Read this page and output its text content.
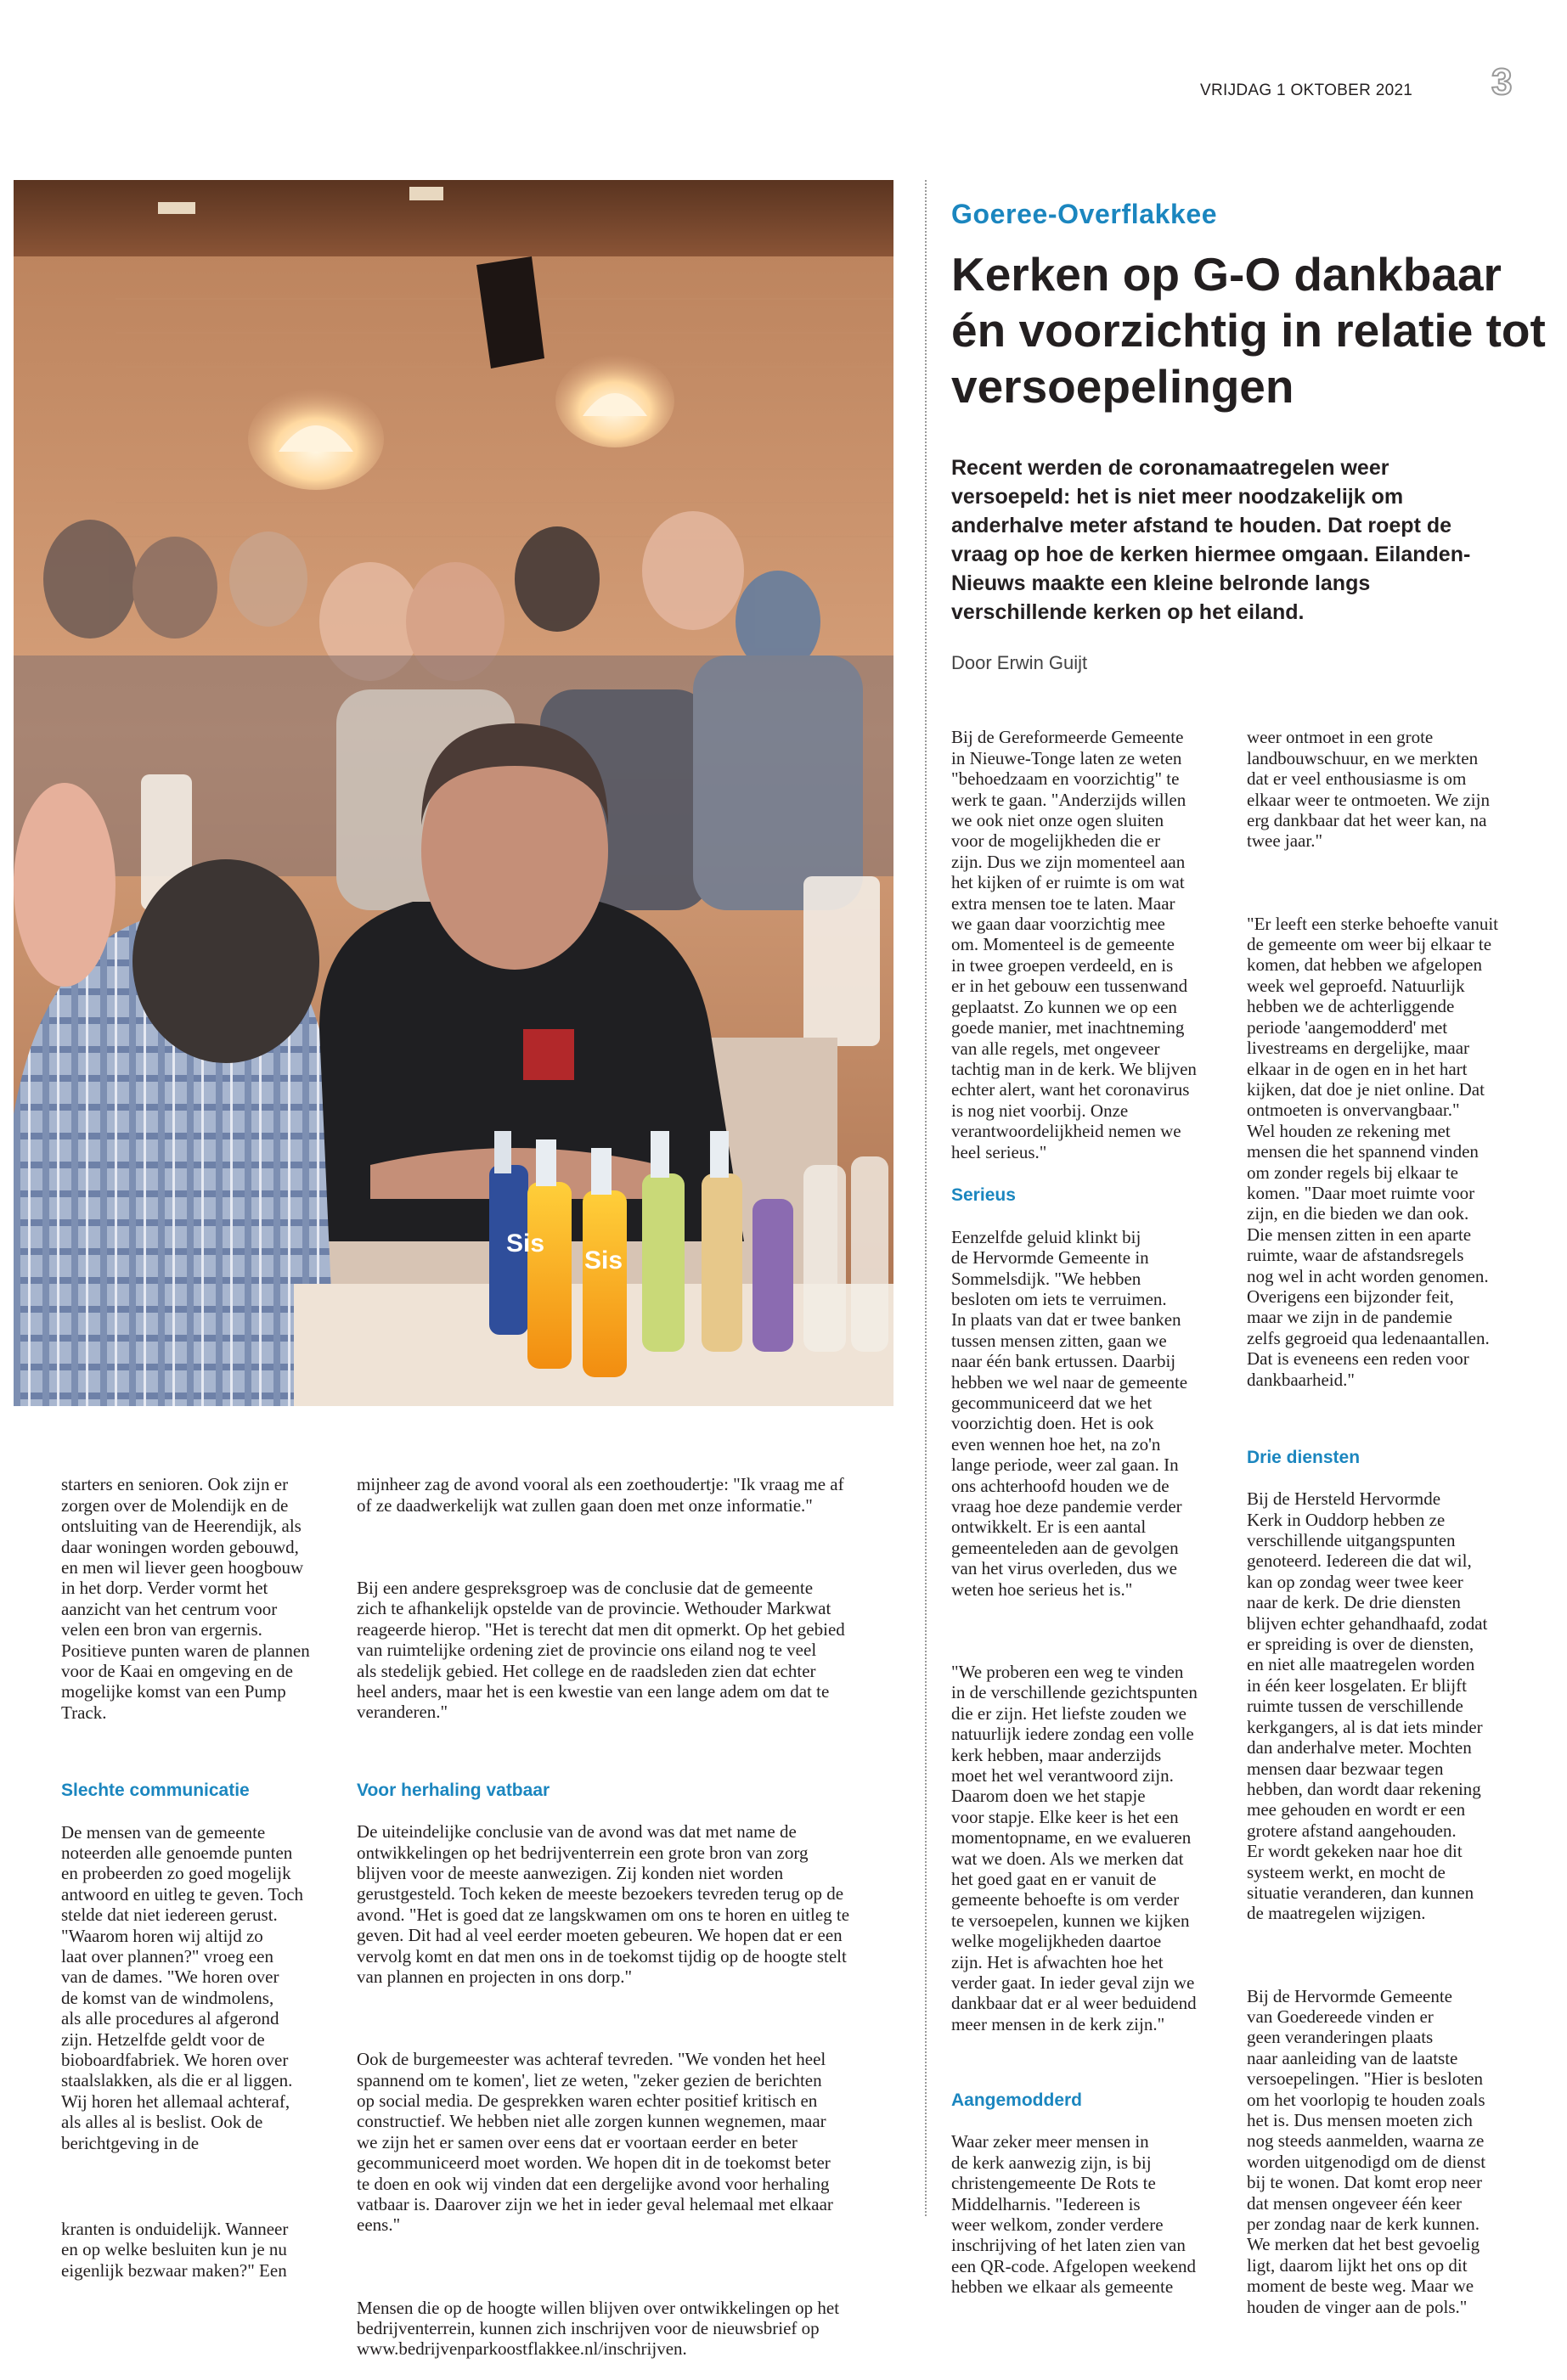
VRIJDAG 1 OKTOBER 2021 3
Sis
Sis
Goeree-Overflakkee
Kerken op G-O dankbaar én voorzichtig in relatie tot versoepelingen
Recent werden de coronamaatregelen weer versoepeld: het is niet meer noodzakelijk om anderhalve meter afstand te houden. Dat roept de vraag op hoe de kerken hiermee omgaan. Eilanden-Nieuws maakte een kleine belronde langs verschillende kerken op het eiland.
Door Erwin Guijt

Bij de Gereformeerde Gemeente
in Nieuwe-Tonge laten ze weten
"behoedzaam en voorzichtig" te
werk te gaan. "Anderzijds willen
we ook niet onze ogen sluiten
voor de mogelijkheden die er
zijn. Dus we zijn momenteel aan
het kijken of er ruimte is om wat
extra mensen toe te laten. Maar
we gaan daar voorzichtig mee
om. Momenteel is de gemeente
in twee groepen verdeeld, en is
er in het gebouw een tussenwand
geplaatst. Zo kunnen we op een
goede manier, met inachtneming
van alle regels, met ongeveer
tachtig man in de kerk. We blijven
echter alert, want het coronavirus
is nog niet voorbij. Onze
verantwoordelijkheid nemen we
heel serieus."

Serieus

Eenzelfde geluid klinkt bij
de Hervormde Gemeente in
Sommelsdijk. "We hebben
besloten om iets te verruimen.
In plaats van dat er twee banken
tussen mensen zitten, gaan we
naar één bank ertussen. Daarbij
hebben we wel naar de gemeente
gecommuniceerd dat we het
voorzichtig doen. Het is ook
even wennen hoe het, na zo'n
lange periode, weer zal gaan. In
ons achterhoofd houden we de
vraag hoe deze pandemie verder
ontwikkelt. Er is een aantal
gemeenteleden aan de gevolgen
van het virus overleden, dus we
weten hoe serieus het is."

"We proberen een weg te vinden
in de verschillende gezichtspunten
die er zijn. Het liefste zouden we
natuurlijk iedere zondag een volle
kerk hebben, maar anderzijds
moet het wel verantwoord zijn.
Daarom doen we het stapje
voor stapje. Elke keer is het een
momentopname, en we evalueren
wat we doen. Als we merken dat
het goed gaat en er vanuit de
gemeente behoefte is om verder
te versoepelen, kunnen we kijken
welke mogelijkheden daartoe
zijn. Het is afwachten hoe het
verder gaat. In ieder geval zijn we
dankbaar dat er al weer beduidend
meer mensen in de kerk zijn."

Aangemodderd

Waar zeker meer mensen in
de kerk aanwezig zijn, is bij
christengemeente De Rots te
Middelharnis. "Iedereen is
weer welkom, zonder verdere
inschrijving of het laten zien van
een QR-code. Afgelopen weekend
hebben we elkaar als gemeente

weer ontmoet in een grote
landbouwschuur, en we merkten
dat er veel enthousiasme is om
elkaar weer te ontmoeten. We zijn
erg dankbaar dat het weer kan, na
twee jaar."

"Er leeft een sterke behoefte vanuit
de gemeente om weer bij elkaar te
komen, dat hebben we afgelopen
week wel geproefd. Natuurlijk
hebben we de achterliggende
periode 'aangemodderd' met
livestreams en dergelijke, maar
elkaar in de ogen en in het hart
kijken, dat doe je niet online. Dat
ontmoeten is onvervangbaar."
Wel houden ze rekening met
mensen die het spannend vinden
om zonder regels bij elkaar te
komen. "Daar moet ruimte voor
zijn, en die bieden we dan ook.
Die mensen zitten in een aparte
ruimte, waar de afstandsregels
nog wel in acht worden genomen.
Overigens een bijzonder feit,
maar we zijn in de pandemie
zelfs gegroeid qua ledenaantallen.
Dat is eveneens een reden voor
dankbaarheid."

Drie diensten

Bij de Hersteld Hervormde
Kerk in Ouddorp hebben ze
verschillende uitgangspunten
genoteerd. Iedereen die dat wil,
kan op zondag weer twee keer
naar de kerk. De drie diensten
blijven echter gehandhaafd, zodat
er spreiding is over de diensten,
en niet alle maatregelen worden
in één keer losgelaten. Er blijft
ruimte tussen de verschillende
kerkgangers, al is dat iets minder
dan anderhalve meter. Mochten
mensen daar bezwaar tegen
hebben, dan wordt daar rekening
mee gehouden en wordt er een
grotere afstand aangehouden.
Er wordt gekeken naar hoe dit
systeem werkt, en mocht de
situatie veranderen, dan kunnen
de maatregelen wijzigen.

Bij de Hervormde Gemeente
van Goedereede vinden er
geen veranderingen plaats
naar aanleiding van de laatste
versoepelingen. "Hier is besloten
om het voorlopig te houden zoals
het is. Dus mensen moeten zich
nog steeds aanmelden, waarna ze
worden uitgenodigd om de dienst
bij te wonen. Dat komt erop neer
dat mensen ongeveer één keer
per zondag naar de kerk kunnen.
We merken dat het best gevoelig
ligt, daarom lijkt het ons op dit
moment de beste weg. Maar we
houden de vinger aan de pols."

starters en senioren. Ook zijn er
zorgen over de Molendijk en de
ontsluiting van de Heerendijk, als
daar woningen worden gebouwd,
en men wil liever geen hoogbouw
in het dorp. Verder vormt het
aanzicht van het centrum voor
velen een bron van ergernis.
Positieve punten waren de plannen
voor de Kaai en omgeving en de
mogelijke komst van een Pump
Track.

Slechte communicatie

De mensen van de gemeente
noteerden alle genoemde punten
en probeerden zo goed mogelijk
antwoord en uitleg te geven. Toch
stelde dat niet iedereen gerust.
"Waarom horen wij altijd zo
laat over plannen?" vroeg een
van de dames. "We horen over
de komst van de windmolens,
als alle procedures al afgerond
zijn. Hetzelfde geldt voor de
bioboardfabriek. We horen over
staalslakken, als die er al liggen.
Wij horen het allemaal achteraf,
als alles al is beslist. Ook de
berichtgeving in de

kranten is onduidelijk. Wanneer
en op welke besluiten kun je nu
eigenlijk bezwaar maken?" Een

mijnheer zag de avond vooral als een zoethoudertje: "Ik vraag me af
of ze daadwerkelijk wat zullen gaan doen met onze informatie."

Bij een andere gespreksgroep was de conclusie dat de gemeente
zich te afhankelijk opstelde van de provincie. Wethouder Markwat
reageerde hierop. "Het is terecht dat men dit opmerkt. Op het gebied
van ruimtelijke ordening ziet de provincie ons eiland nog te veel
als stedelijk gebied. Het college en de raadsleden zien dat echter
heel anders, maar het is een kwestie van een lange adem om dat te
veranderen."

Voor herhaling vatbaar

De uiteindelijke conclusie van de avond was dat met name de
ontwikkelingen op het bedrijventerrein een grote bron van zorg
blijven voor de meeste aanwezigen. Zij konden niet worden
gerustgesteld. Toch keken de meeste bezoekers tevreden terug op de
avond. "Het is goed dat ze langskwamen om ons te horen en uitleg te
geven. Dit had al veel eerder moeten gebeuren. We hopen dat er een
vervolg komt en dat men ons in de toekomst tijdig op de hoogte stelt
van plannen en projecten in ons dorp."

Ook de burgemeester was achteraf tevreden. "We vonden het heel
spannend om te komen', liet ze weten, "zeker gezien de berichten
op social media. De gesprekken waren echter positief kritisch en
constructief. We hebben niet alle zorgen kunnen wegnemen, maar
we zijn het er samen over eens dat er voortaan eerder en beter
gecommuniceerd moet worden. We hopen dit in de toekomst beter
te doen en ook wij vinden dat een dergelijke avond voor herhaling
vatbaar is. Daarover zijn we het in ieder geval helemaal met elkaar
eens."

Mensen die op de hoogte willen blijven over ontwikkelingen op het
bedrijventerrein, kunnen zich inschrijven voor de nieuwsbrief op
www.bedrijvenparkoostflakkee.nl/inschrijven.
